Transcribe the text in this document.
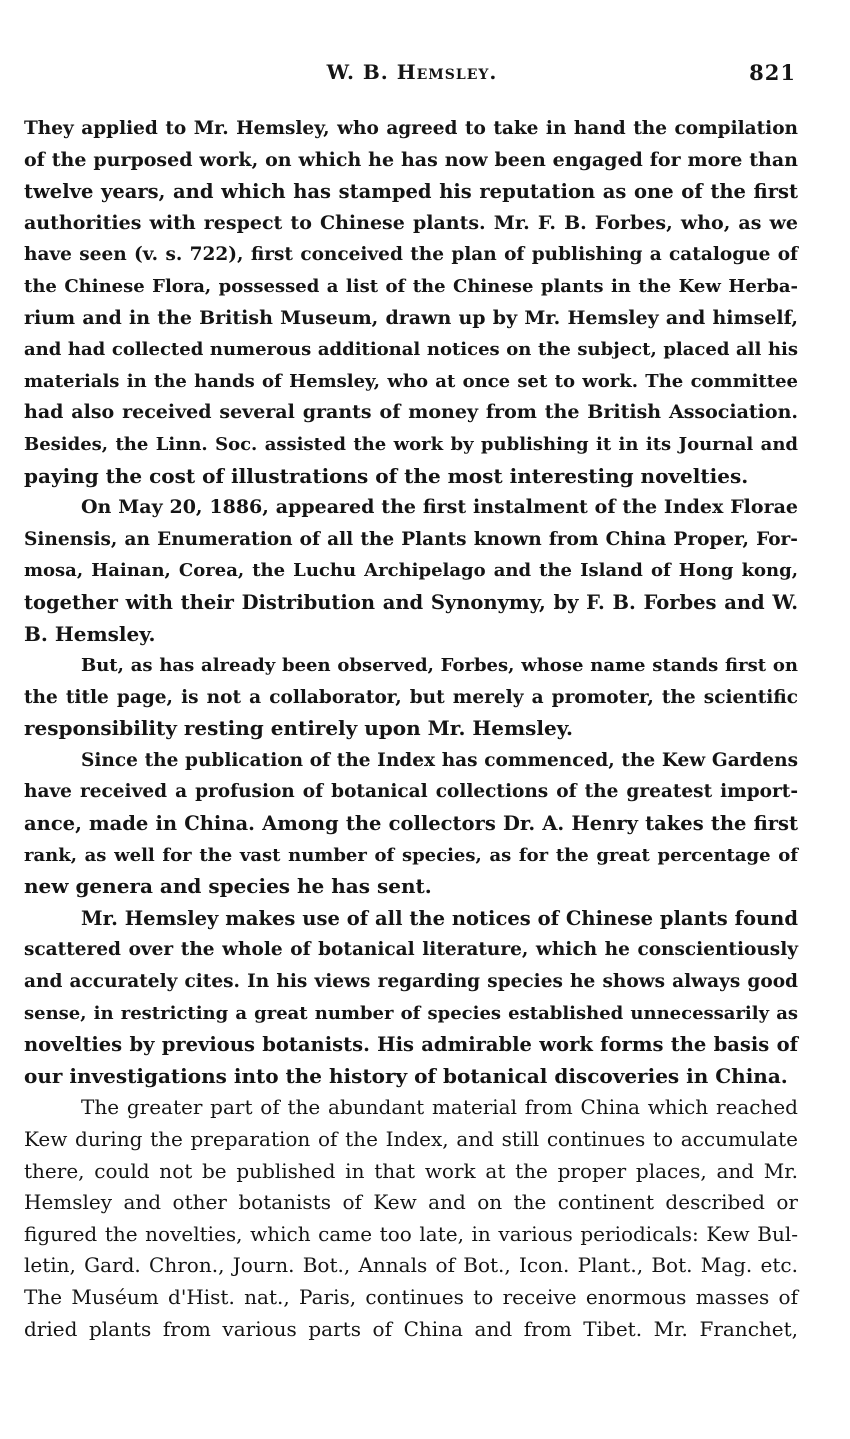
W. B. Hemsley.	821
They applied to Mr. Hemsley, who agreed to take in hand the compilation
of the purposed work, on which he has now been engaged for more than
twelve years, and which has stamped his reputation as one of the first
authorities with respect to Chinese plants. Mr. F. B. Forbes, who, as we
have seen (v. s. 722), first conceived the plan of publishing a catalogue of
the Chinese Flora, possessed a list of the Chinese plants in the Kew Herba-
rium and in the British Museum, drawn up by Mr. Hemsley and himself,
and had collected numerous additional notices on the subject, placed all his
materials in the hands of Hemsley, who at once set to work. The committee
had also received several grants of money from the British Association.
Besides, the Linn. Soc. assisted the work by publishing it in its Journal and
paying the cost of illustrations of the most interesting novelties.
On May 20, 1886, appeared the first instalment of the Index Florae
Sinensis, an Enumeration of all the Plants known from China Proper, For-
mosa, Hainan, Corea, the Luchu Archipelago and the Island of Hong kong,
together with their Distribution and Synonymy, by F. B. Forbes and W.
B. Hemsley.
But, as has already been observed, Forbes, whose name stands first on
the title page, is not a collaborator, but merely a promoter, the scientific
responsibility resting entirely upon Mr. Hemsley.
Since the publication of the Index has commenced, the Kew Gardens
have received a profusion of botanical collections of the greatest import-
ance, made in China. Among the collectors Dr. A. Henry takes the first
rank, as well for the vast number of species, as for the great percentage of
new genera and species he has sent.
Mr. Hemsley makes use of all the notices of Chinese plants found
scattered over the whole of botanical literature, which he conscientiously
and accurately cites. In his views regarding species he shows always good
sense, in restricting a great number of species established unnecessarily as
novelties by previous botanists. His admirable work forms the basis of
our investigations into the history of botanical discoveries in China.
The greater part of the abundant material from China which reached
Kew during the preparation of the Index, and still continues to accumulate
there, could not be published in that work at the proper places, and Mr.
Hemsley and other botanists of Kew and on the continent described or
figured the novelties, which came too late, in various periodicals: Kew Bul-
letin, Gard. Chron., Journ. Bot., Annals of Bot., Icon. Plant., Bot. Mag. etc.
The Muséum d'Hist. nat., Paris, continues to receive enormous masses of
dried plants from various parts of China and from Tibet. Mr. Franchet,
